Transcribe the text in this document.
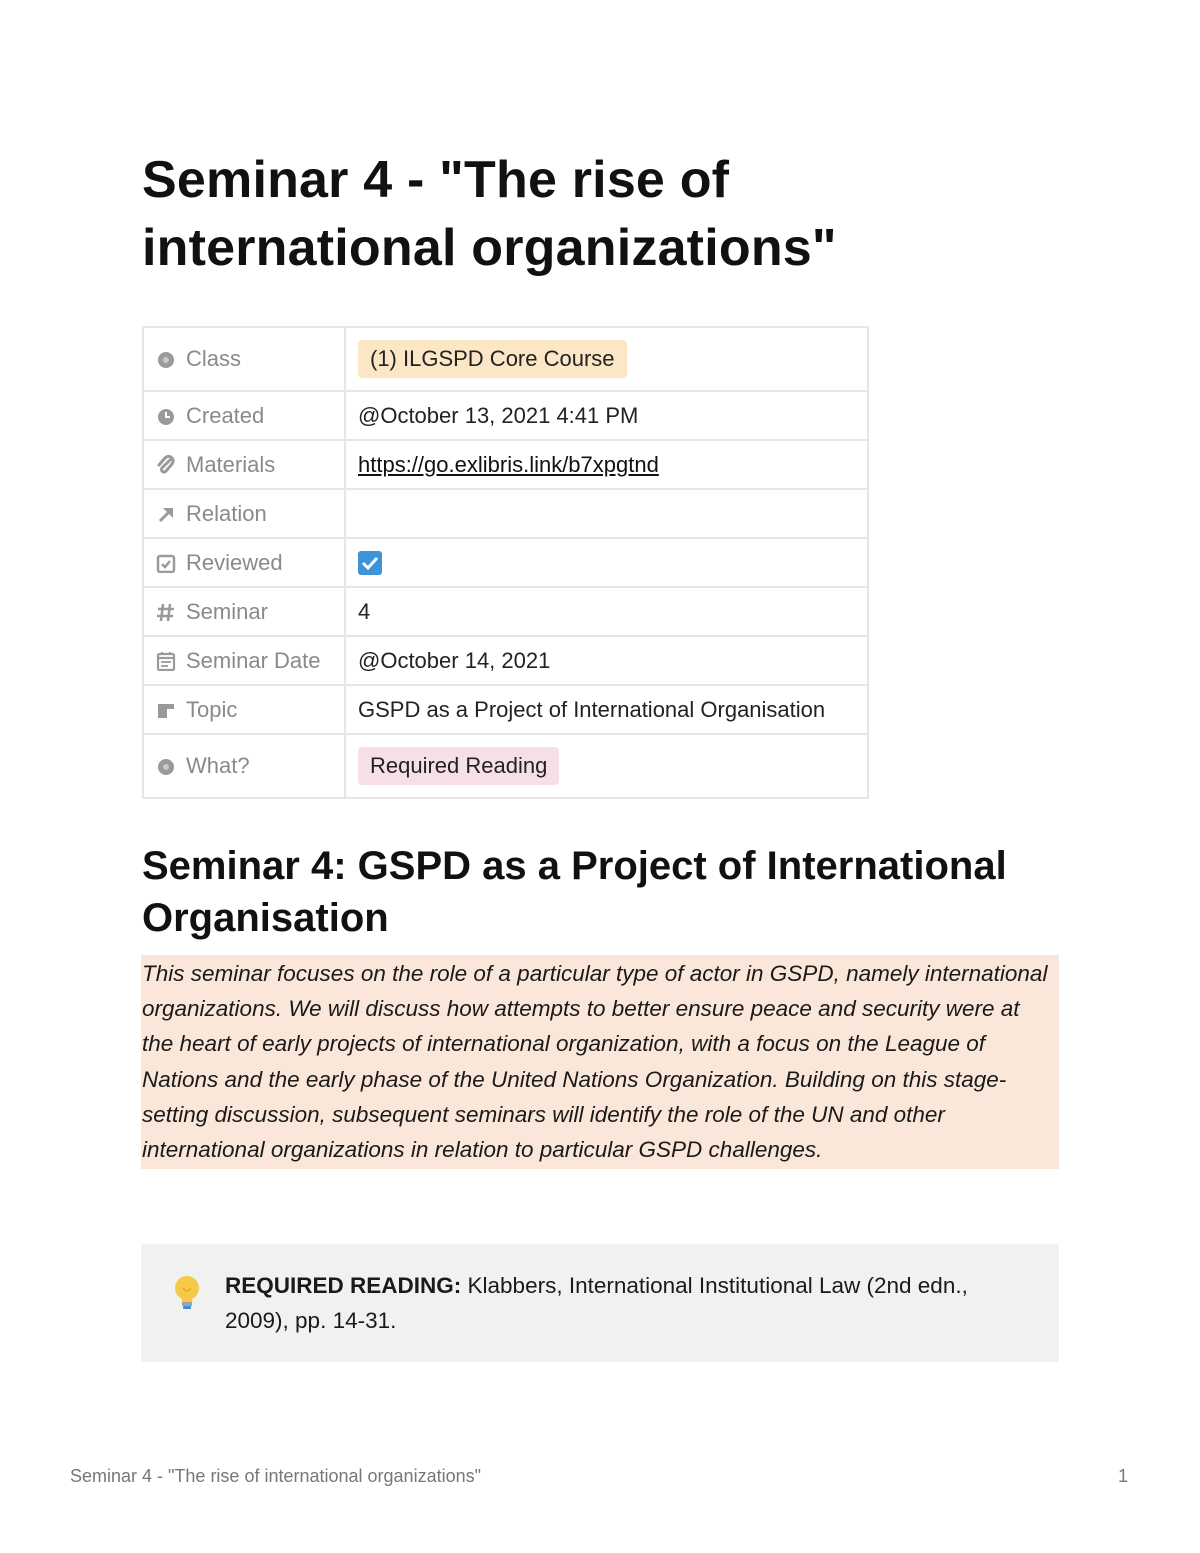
Seminar 4 - "The rise of international organizations"
Class	(1) ILGSPD Core Course

Created	@October 13, 2021 4:41 PM

Materials	https://go.exlibris.link/b7xpgtnd

Relation	

Reviewed	

Seminar	4

Seminar Date	@October 14, 2021

Topic	GSPD as a Project of International Organisation

What?	Required Reading
Seminar 4: GSPD as a Project of International Organisation

This seminar focuses on the role of a particular type of actor in GSPD, namely international organizations. We will discuss how attempts to better ensure peace and security were at the heart of early projects of international organization, with a focus on the League of Nations and the early phase of the United Nations Organization. Building on this stage-setting discussion, subsequent seminars will identify the role of the UN and other international organizations in relation to particular GSPD challenges.

REQUIRED READING: Klabbers, International Institutional Law (2nd edn., 2009), pp. 14-31.

Seminar 4 - "The rise of international organizations"	1
